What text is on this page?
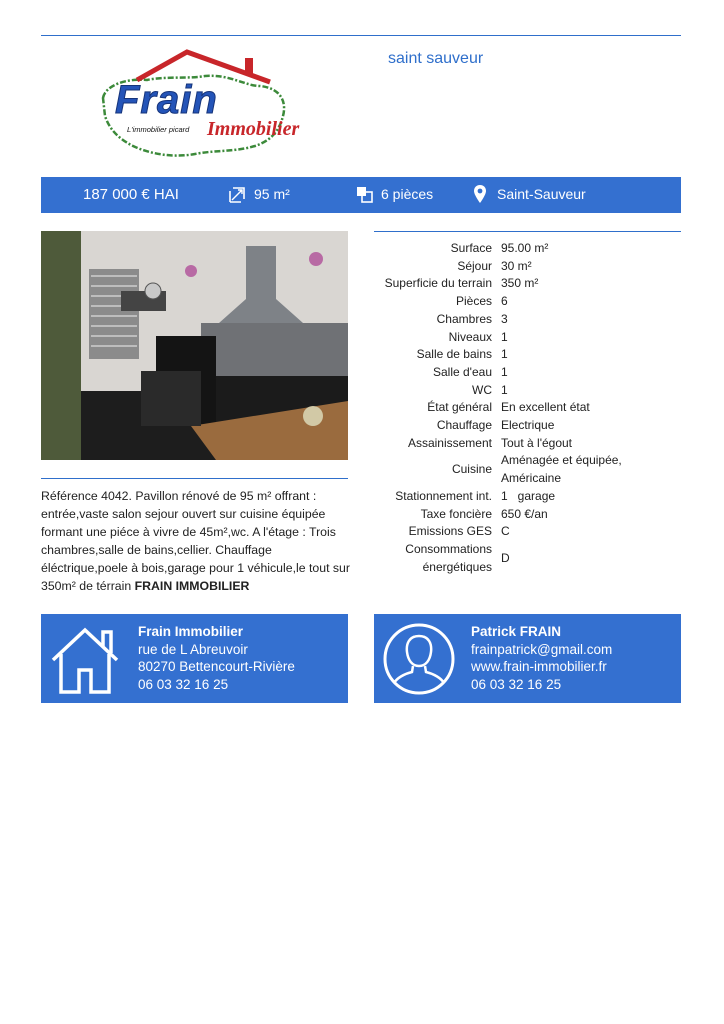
saint sauveur
Frain
L'immobilier picard Immobilier
187 000 € HAI	95 m²	6 pièces	Saint-Sauveur
Référence 4042. Pavillon rénové de 95 m² offrant : entrée,vaste salon sejour ouvert sur cuisine équipée formant une piéce à vivre de 45m²,wc. A l'étage : Trois chambres,salle de bains,cellier. Chauffage éléctrique,poele à bois,garage pour 1 véhicule,le tout sur 350m² de térrain FRAIN IMMOBILIER
Surface	95.00 m²
Séjour	30 m²
Superficie du terrain	350 m²
Pièces	6
Chambres	3
Niveaux	1
Salle de bains	1
Salle d'eau	1
WC	1
État général	En excellent état
Chauffage	Electrique
Assainissement	Tout à l'égout
Cuisine	Aménagée et équipée, Américaine
Stationnement int.	1   garage
Taxe foncière	650 €/an
Emissions GES	C
Consommations énergétiques	D
Frain Immobilier
rue de L Abreuvoir
80270 Bettencourt-Rivière
06 03 32 16 25
Patrick FRAIN
frainpatrick@gmail.com
www.frain-immobilier.fr
06 03 32 16 25
